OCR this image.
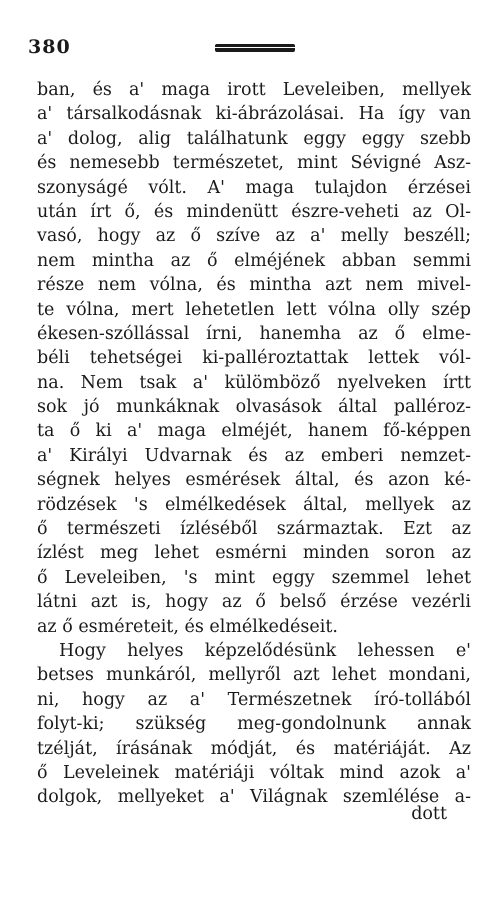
380
ban, és a' maga irott Leveleiben, mellyek
a' társalkodásnak ki-ábrázolásai. Ha így van
a' dolog, alig találhatunk eggy eggy szebb
és nemesebb természetet, mint Sévigné Asz-
szonyságé vólt. A' maga tulajdon érzései
után írt ő, és mindenütt észre-veheti az Ol-
vasó, hogy az ő szíve az a' melly beszéll;
nem mintha az ő elméjének abban semmi
része nem vólna, és mintha azt nem mivel-
te vólna, mert lehetetlen lett vólna olly szép
ékesen-szóllással írni, hanemha az ő elme-
béli tehetségei ki-palléroztattak lettek vól-
na. Nem tsak a' külömböző nyelveken írtt
sok jó munkáknak olvasások által palléroz-
ta ő ki a' maga elméjét, hanem fő-képpen
a' Királyi Udvarnak és az emberi nemzet-
ségnek helyes esmérések által, és azon ké-
rödzések 's elmélkedések által, mellyek az
ő természeti ízléséből származtak. Ezt az
ízlést meg lehet esmérni minden soron az
ő Leveleiben, 's mint eggy szemmel lehet
látni azt is, hogy az ő belső érzése vezérli
az ő esméreteit, és elmélkedéseit.
Hogy helyes képzelődésünk lehessen e'
betses munkáról, mellyről azt lehet mondani,
ni, hogy az a' Természetnek író-tollából
folyt-ki; szükség meg-gondolnunk annak
tzélját, írásának módját, és matériáját. Az
ő Leveleinek matériáji vóltak mind azok a'
dolgok, mellyeket a' Világnak szemlélése a-
dott
